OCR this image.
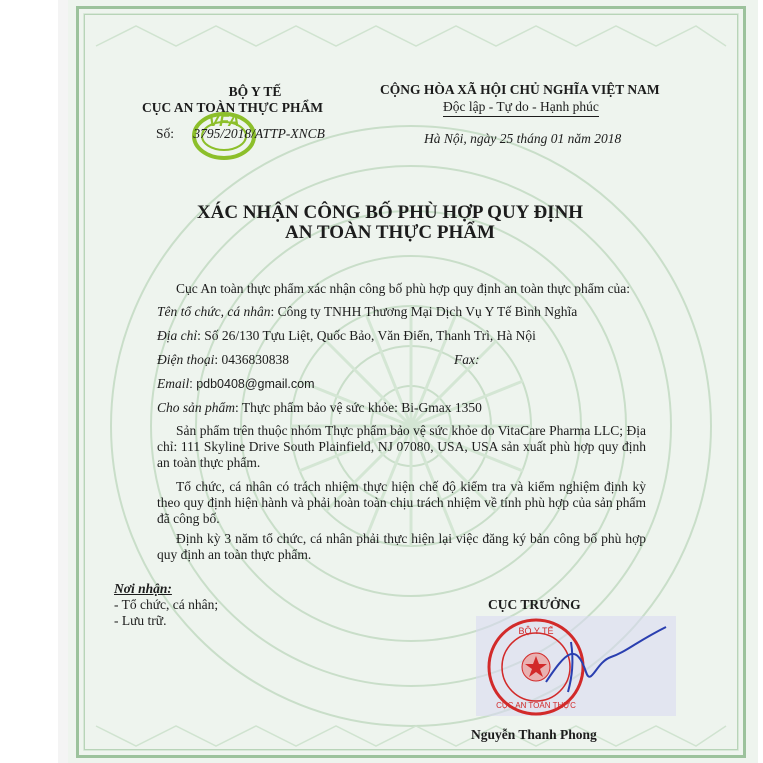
VFA
BỘ Y TẾ
CỤC AN TOÀN THỰC PHẨM
Số: 3795/2018/ATTP-XNCB
CỘNG HÒA XÃ HỘI CHỦ NGHĨA VIỆT NAM
Độc lập - Tự do - Hạnh phúc
Hà Nội, ngày 25 tháng 01 năm 2018
XÁC NHẬN CÔNG BỐ PHÙ HỢP QUY ĐỊNH
AN TOÀN THỰC PHẨM
Cục An toàn thực phẩm xác nhận công bố phù hợp quy định an toàn thực phẩm của:
Tên tổ chức, cá nhân: Công ty TNHH Thương Mại Dịch Vụ Y Tế Bình Nghĩa
Địa chỉ: Số 26/130 Tựu Liệt, Quốc Bảo, Văn Điển, Thanh Trì, Hà Nội
Điện thoại: 0436830838	Fax:
Email: pdb0408@gmail.com
Cho sản phẩm: Thực phẩm bảo vệ sức khỏe: Bi-Gmax 1350
Sản phẩm trên thuộc nhóm Thực phẩm bảo vệ sức khỏe do VitaCare Pharma LLC; Địa chỉ: 111 Skyline Drive South Plainfield, NJ 07080, USA, USA sản xuất phù hợp quy định an toàn thực phẩm.
Tổ chức, cá nhân có trách nhiệm thực hiện chế độ kiểm tra và kiểm nghiệm định kỳ theo quy định hiện hành và phải hoàn toàn chịu trách nhiệm về tính phù hợp của sản phẩm đã công bố.
Định kỳ 3 năm tổ chức, cá nhân phải thực hiện lại việc đăng ký bản công bố phù hợp quy định an toàn thực phẩm.
Nơi nhận:
- Tổ chức, cá nhân;
- Lưu trữ.
CỤC TRƯỞNG
BỘ Y TẾ
CỤC AN TOÀN THỰC
Nguyễn Thanh Phong
